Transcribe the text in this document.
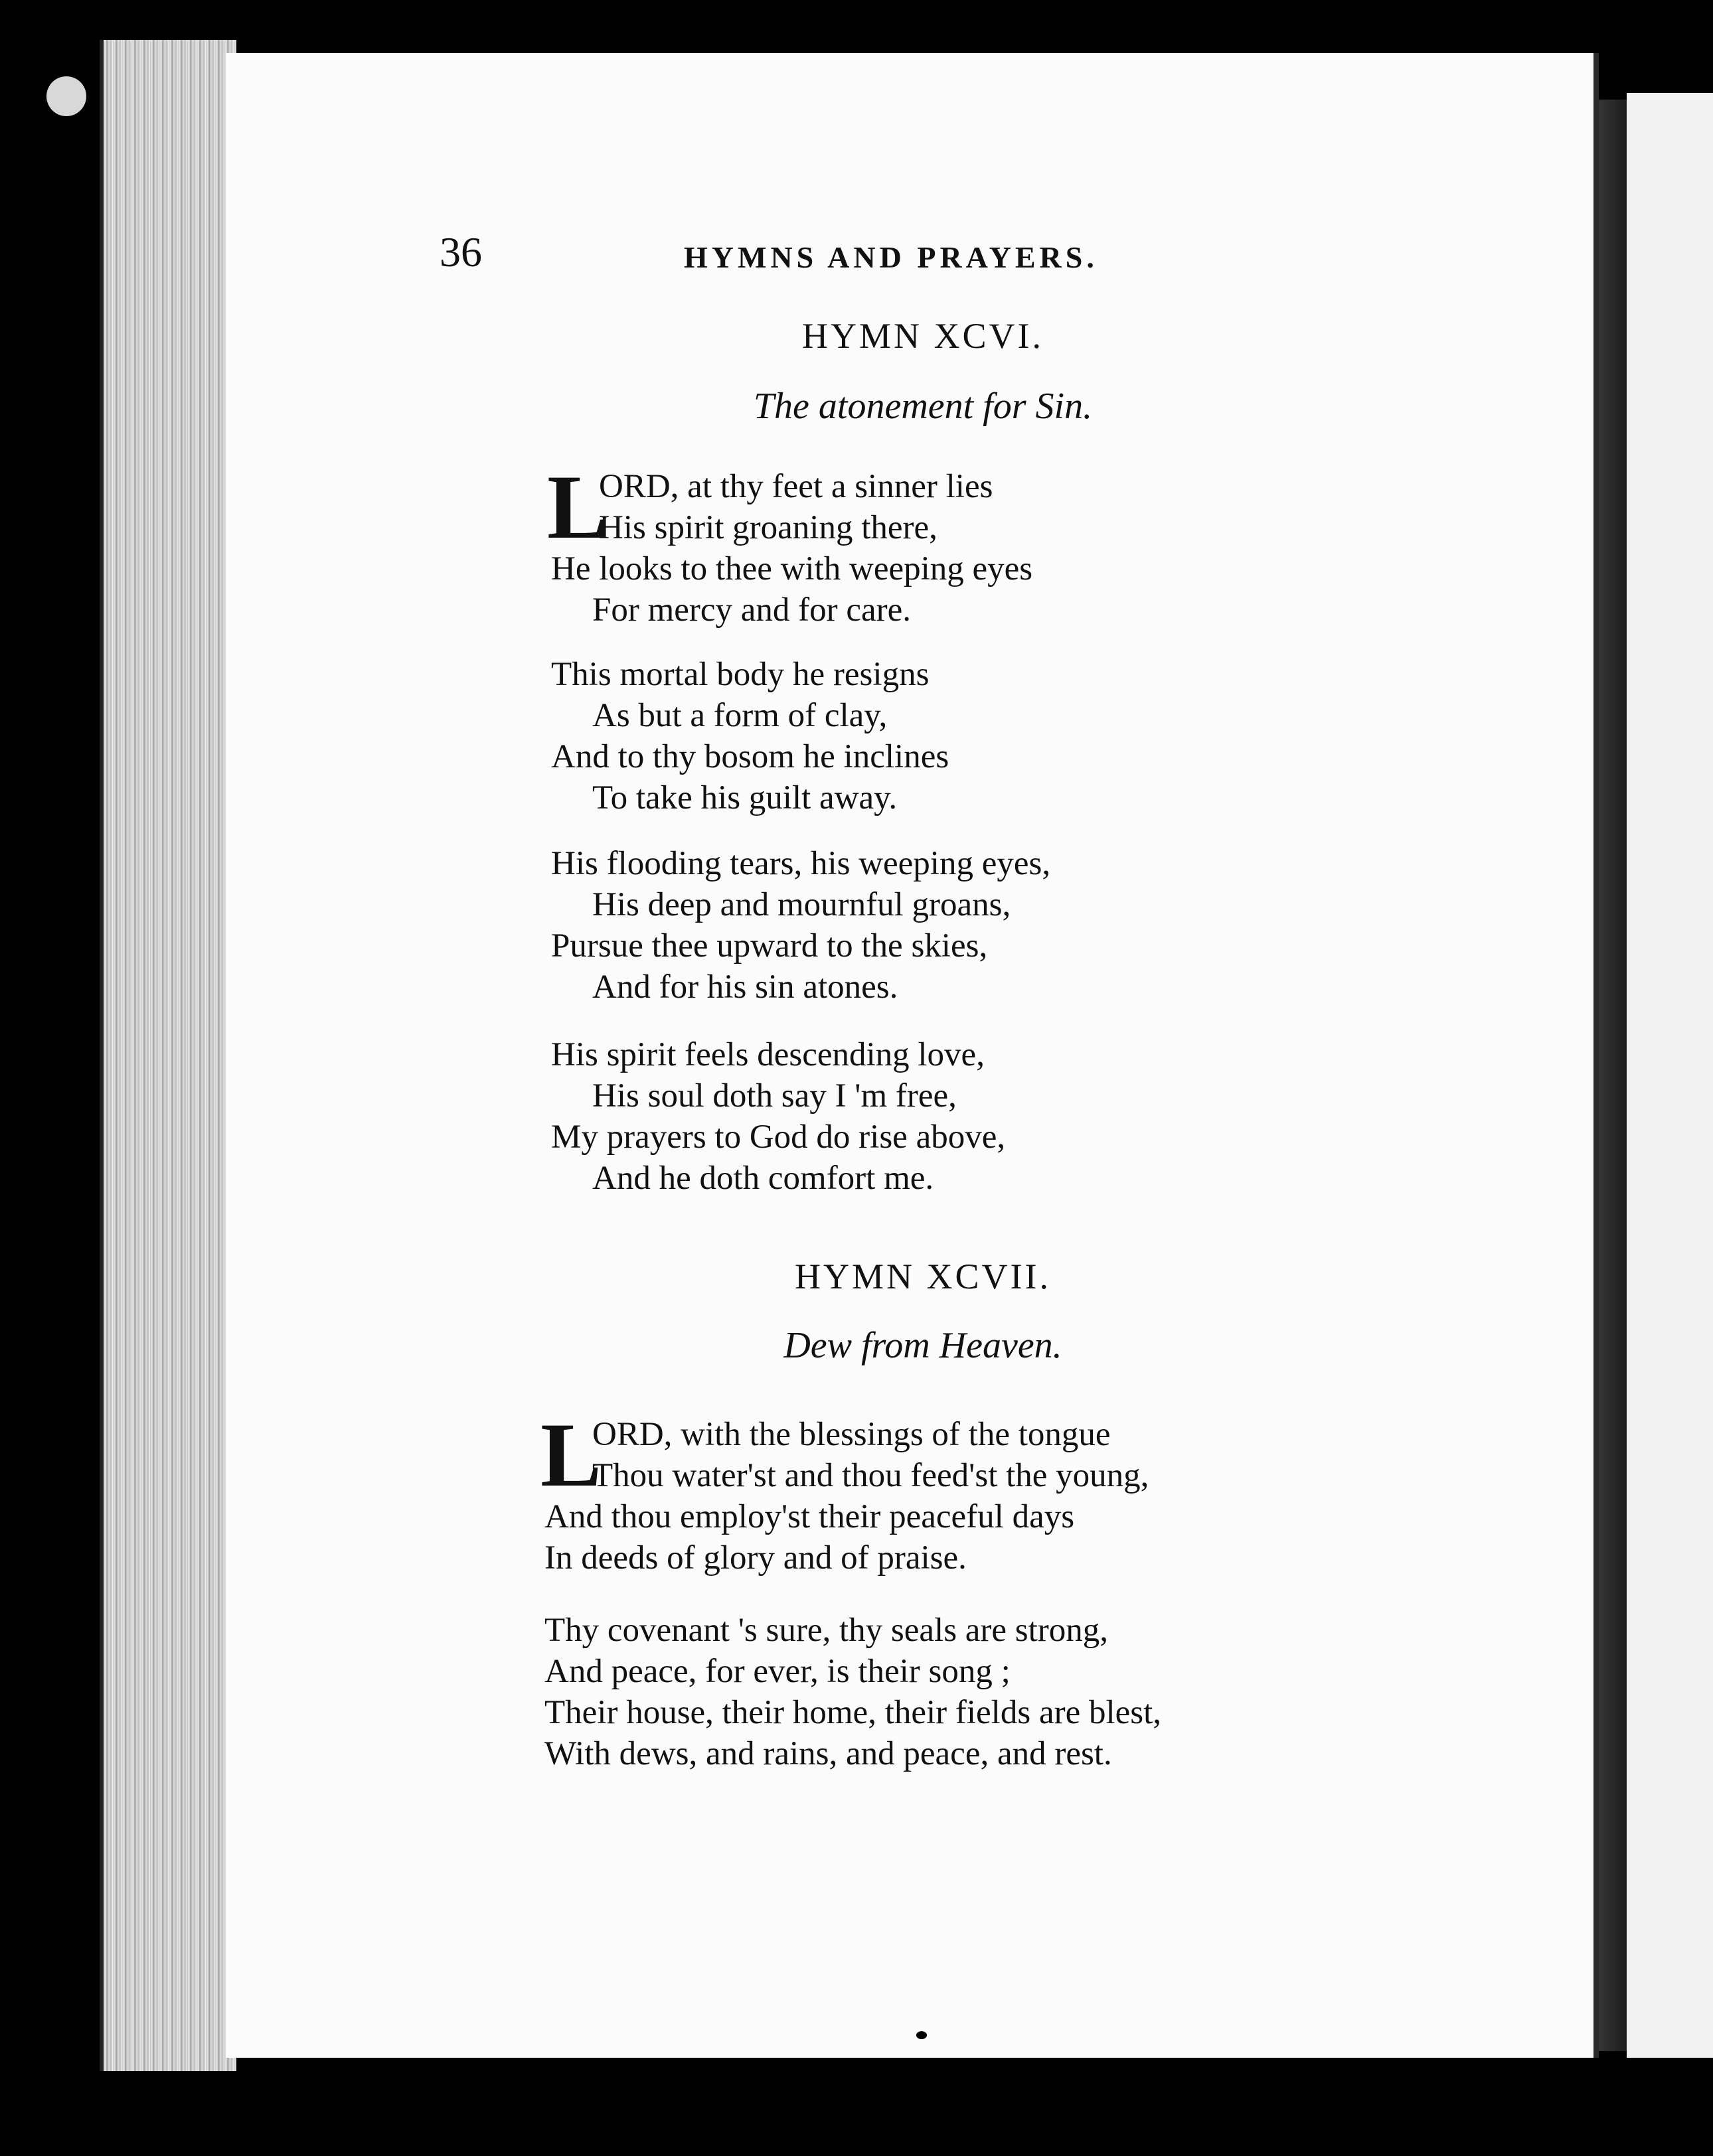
36	HYMNS AND PRAYERS.
HYMN XCVI.
The atonement for Sin.
L
ORD, at thy feet a sinner lies
His spirit groaning there,
He looks to thee with weeping eyes
For mercy and for care.
This mortal body he resigns
As but a form of clay,
And to thy bosom he inclines
To take his guilt away.
His flooding tears, his weeping eyes,
His deep and mournful groans,
Pursue thee upward to the skies,
And for his sin atones.
His spirit feels descending love,
His soul doth say I 'm free,
My prayers to God do rise above,
And he doth comfort me.
HYMN XCVII.
Dew from Heaven.
L
ORD, with the blessings of the tongue
Thou water'st and thou feed'st the young,
And thou employ'st their peaceful days
In deeds of glory and of praise.
Thy covenant 's sure, thy seals are strong,
And peace, for ever, is their song ;
Their house, their home, their fields are blest,
With dews, and rains, and peace, and rest.
